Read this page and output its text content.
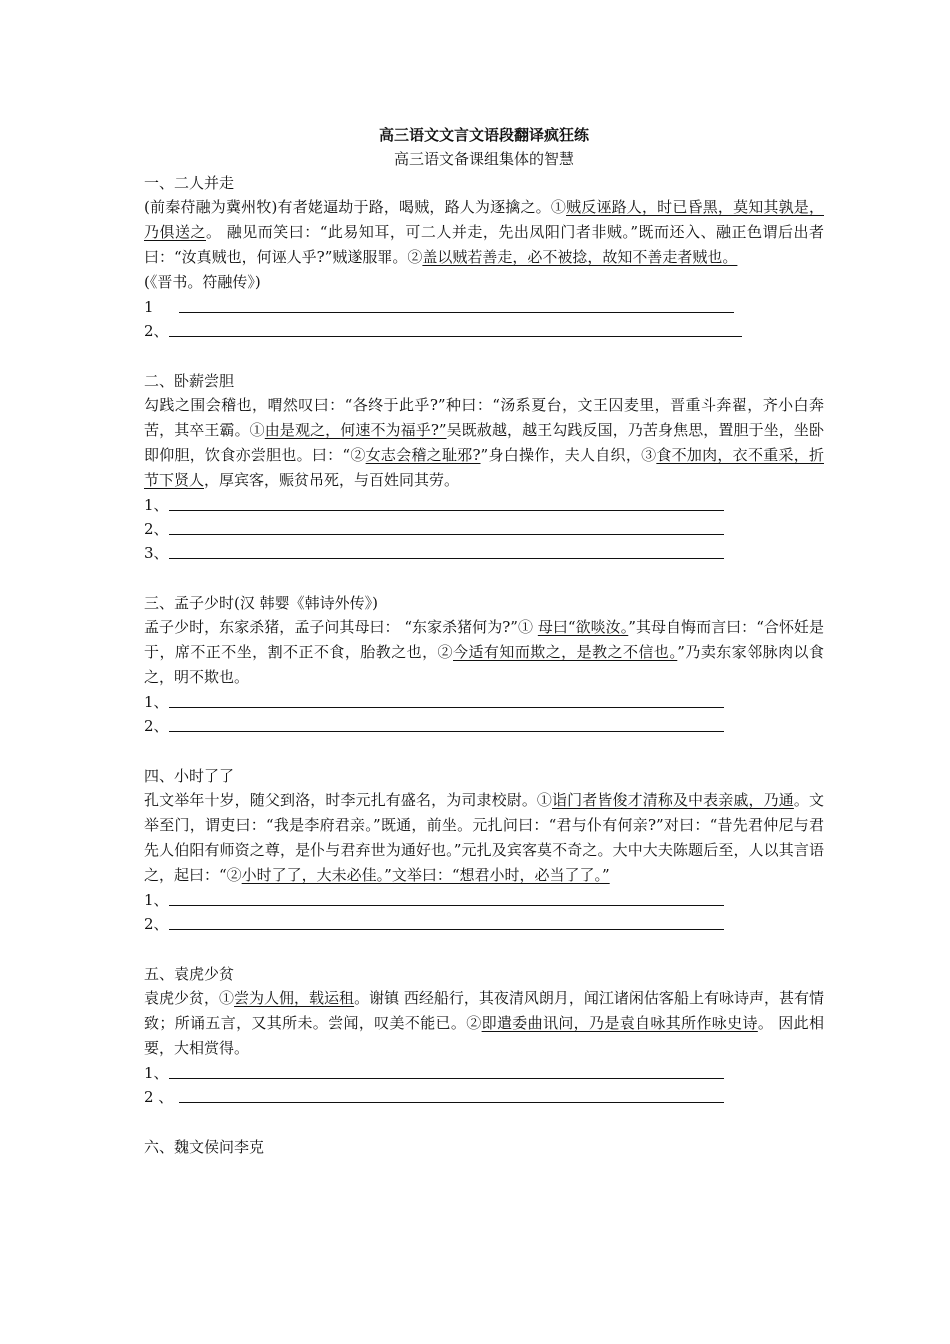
高三语文文言文语段翻译疯狂练

高三语文备课组集体的智慧

一、二人并走

(前秦苻融为冀州牧)有者姥逼劫于路，喝贼，路人为逐擒之。①贼反诬路人，时已昏黑，莫知其孰是，乃俱送之。 融见而笑曰：“此易知耳，可二人并走，先出凤阳门者非贼。”既而还入、融正色谓后出者曰：“汝真贼也，何诬人乎?”贼遂服罪。②盖以贼若善走，必不被捻，故知不善走者贼也。

(《晋书。符融传》)

1
2、

二、卧薪尝胆

勾践之围会稽也，喟然叹曰：“各终于此乎?”种曰：“汤系夏台，文王囚麦里，晋重斗奔翟，齐小白奔苦，其卒王霸。①由是观之，何速不为福乎?”吴既赦越，越王勾践反国，乃苦身焦思，置胆于坐，坐卧即仰胆，饮食亦尝胆也。曰：“②女志会稽之耻邪?”身白操作，夫人自织，③食不加肉，衣不重采，折节下贤人，厚宾客，赈贫吊死，与百姓同其劳。

1、
2、
3、

三、孟子少时(汉 韩婴《韩诗外传》)

孟子少时，东家杀猪，孟子问其母曰： “东家杀猪何为?”① 母曰“欲啖汝。”其母自悔而言曰：“合怀妊是于，席不正不坐，割不正不食，胎教之也，②今适有知而欺之，是教之不信也。”乃卖东家邻脉肉以食之，明不欺也。

1、
2、

四、小时了了

孔文举年十岁，随父到洛，时李元扎有盛名，为司隶校尉。①诣门者皆俊才清称及中表亲戚，乃通。文举至门，谓吏曰：“我是李府君亲。”既通，前坐。元扎问曰：“君与仆有何亲?”对曰：“昔先君仲尼与君先人伯阳有师资之尊，是仆与君弃世为通好也。”元扎及宾客莫不奇之。大中大夫陈题后至，人以其言语之，起曰：“②小时了了，大未必佳。”文举曰：“想君小时，必当了了。”

1、
2、

五、袁虎少贫

袁虎少贫，①尝为人佣，载运租。谢镇 西经船行，其夜清风朗月，闻江诸闲估客船上有咏诗声，甚有情致；所诵五言，又其所未。尝闻，叹美不能已。②即遣委曲讯问，乃是袁自咏其所作咏史诗。 因此相要，大相赏得。

1、
2 、

六、魏文侯问李克
